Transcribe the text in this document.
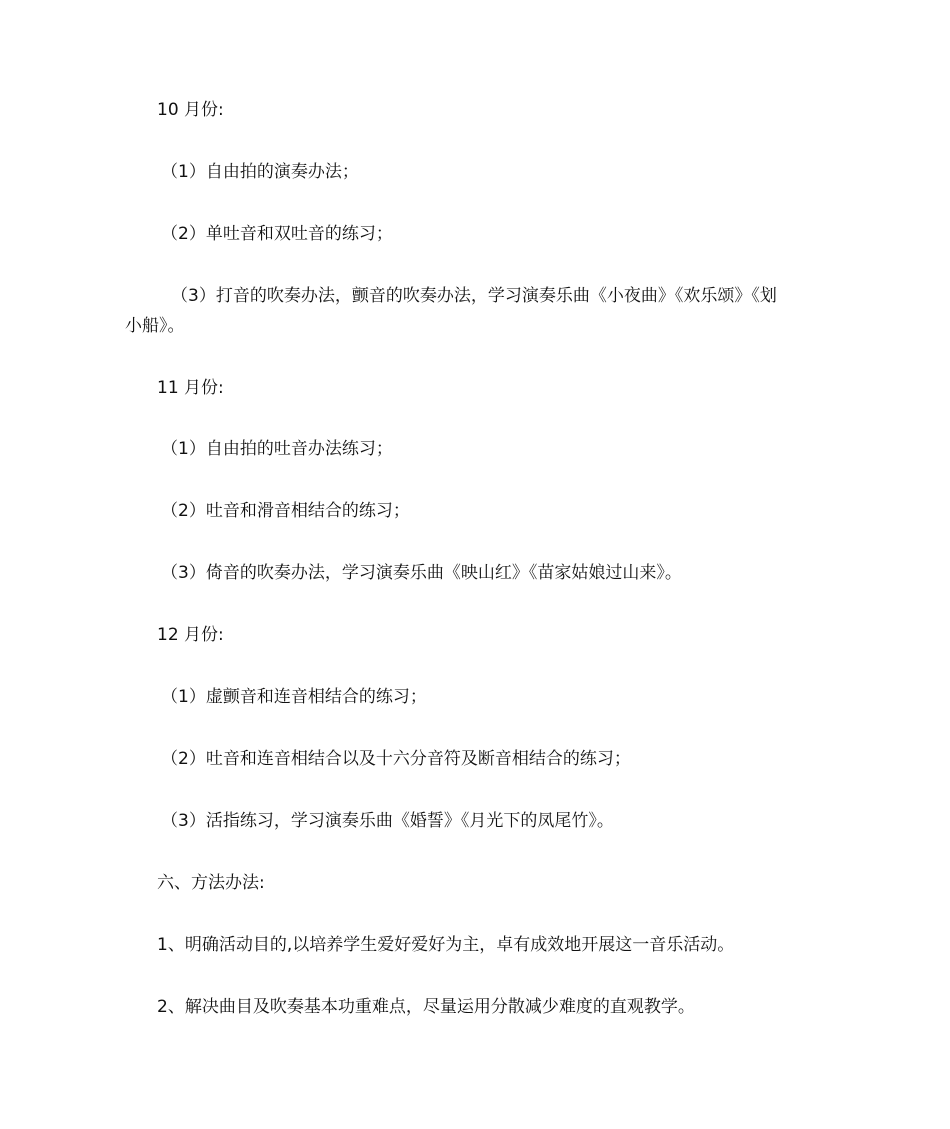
10 月份:
（1）自由拍的演奏办法；
（2）单吐音和双吐音的练习；
（3）打音的吹奏办法，颤音的吹奏办法，学习演奏乐曲《小夜曲》《欢乐颂》《划
小船》。
11 月份:
（1）自由拍的吐音办法练习；
（2）吐音和滑音相结合的练习；
（3）倚音的吹奏办法，学习演奏乐曲《映山红》《苗家姑娘过山来》。
12 月份:
（1）虚颤音和连音相结合的练习；
（2）吐音和连音相结合以及十六分音符及断音相结合的练习；
（3）活指练习，学习演奏乐曲《婚誓》《月光下的凤尾竹》。
六、方法办法:
1、明确活动目的,以培养学生爱好爱好为主，卓有成效地开展这一音乐活动。
2、解决曲目及吹奏基本功重难点，尽量运用分散减少难度的直观教学。
